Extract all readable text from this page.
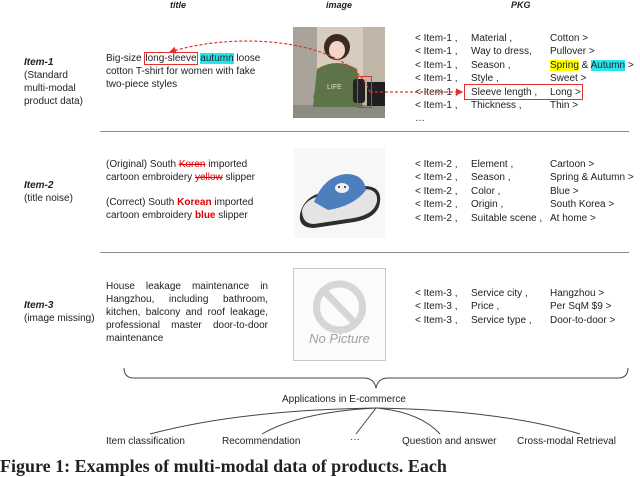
title	image	PKG
Item-1
(Standard
multi-modal
product data)
Big-size long-sleeve autumn loose cotton T-shirt for women with fake two-piece styles	LIFE
< Item-1 ,	Material ,	Cotton >
< Item-1 ,	Way to dress,	Pullover >
< Item-1 ,	Season ,	Spring & Autumn >
< Item-1 ,	Style ,	Sweet >
< Item-1 ,	Sleeve length ,	Long >
< Item-1 ,	Thickness ,	Thin >
…
Item-2
(title noise)
(Original) South Koren imported cartoon embroidery yellow slipper
(Correct) South Korean imported cartoon embroidery blue slipper
< Item-2 ,	Element ,	Cartoon >
< Item-2 ,	Season ,	Spring & Autumn >
< Item-2 ,	Color ,	Blue >
< Item-2 ,	Origin ,	South Korea >
< Item-2 ,	Suitable scene , At home >
Item-3
(image missing)
House leakage maintenance in Hangzhou, including bathroom, kitchen, balcony and roof leakage, professional master door-to-door maintenance	No Picture
< Item-3 ,	Service city ,	Hangzhou >
< Item-3 ,	Price ,	Per SqM $9 >
< Item-3 ,	Service type ,	Door-to-door >
Applications in E-commerce
Item classification	Recommendation	···	Question and answer Cross-modal Retrieval
Figure 1: Examples of multi-modal data of products. Each
